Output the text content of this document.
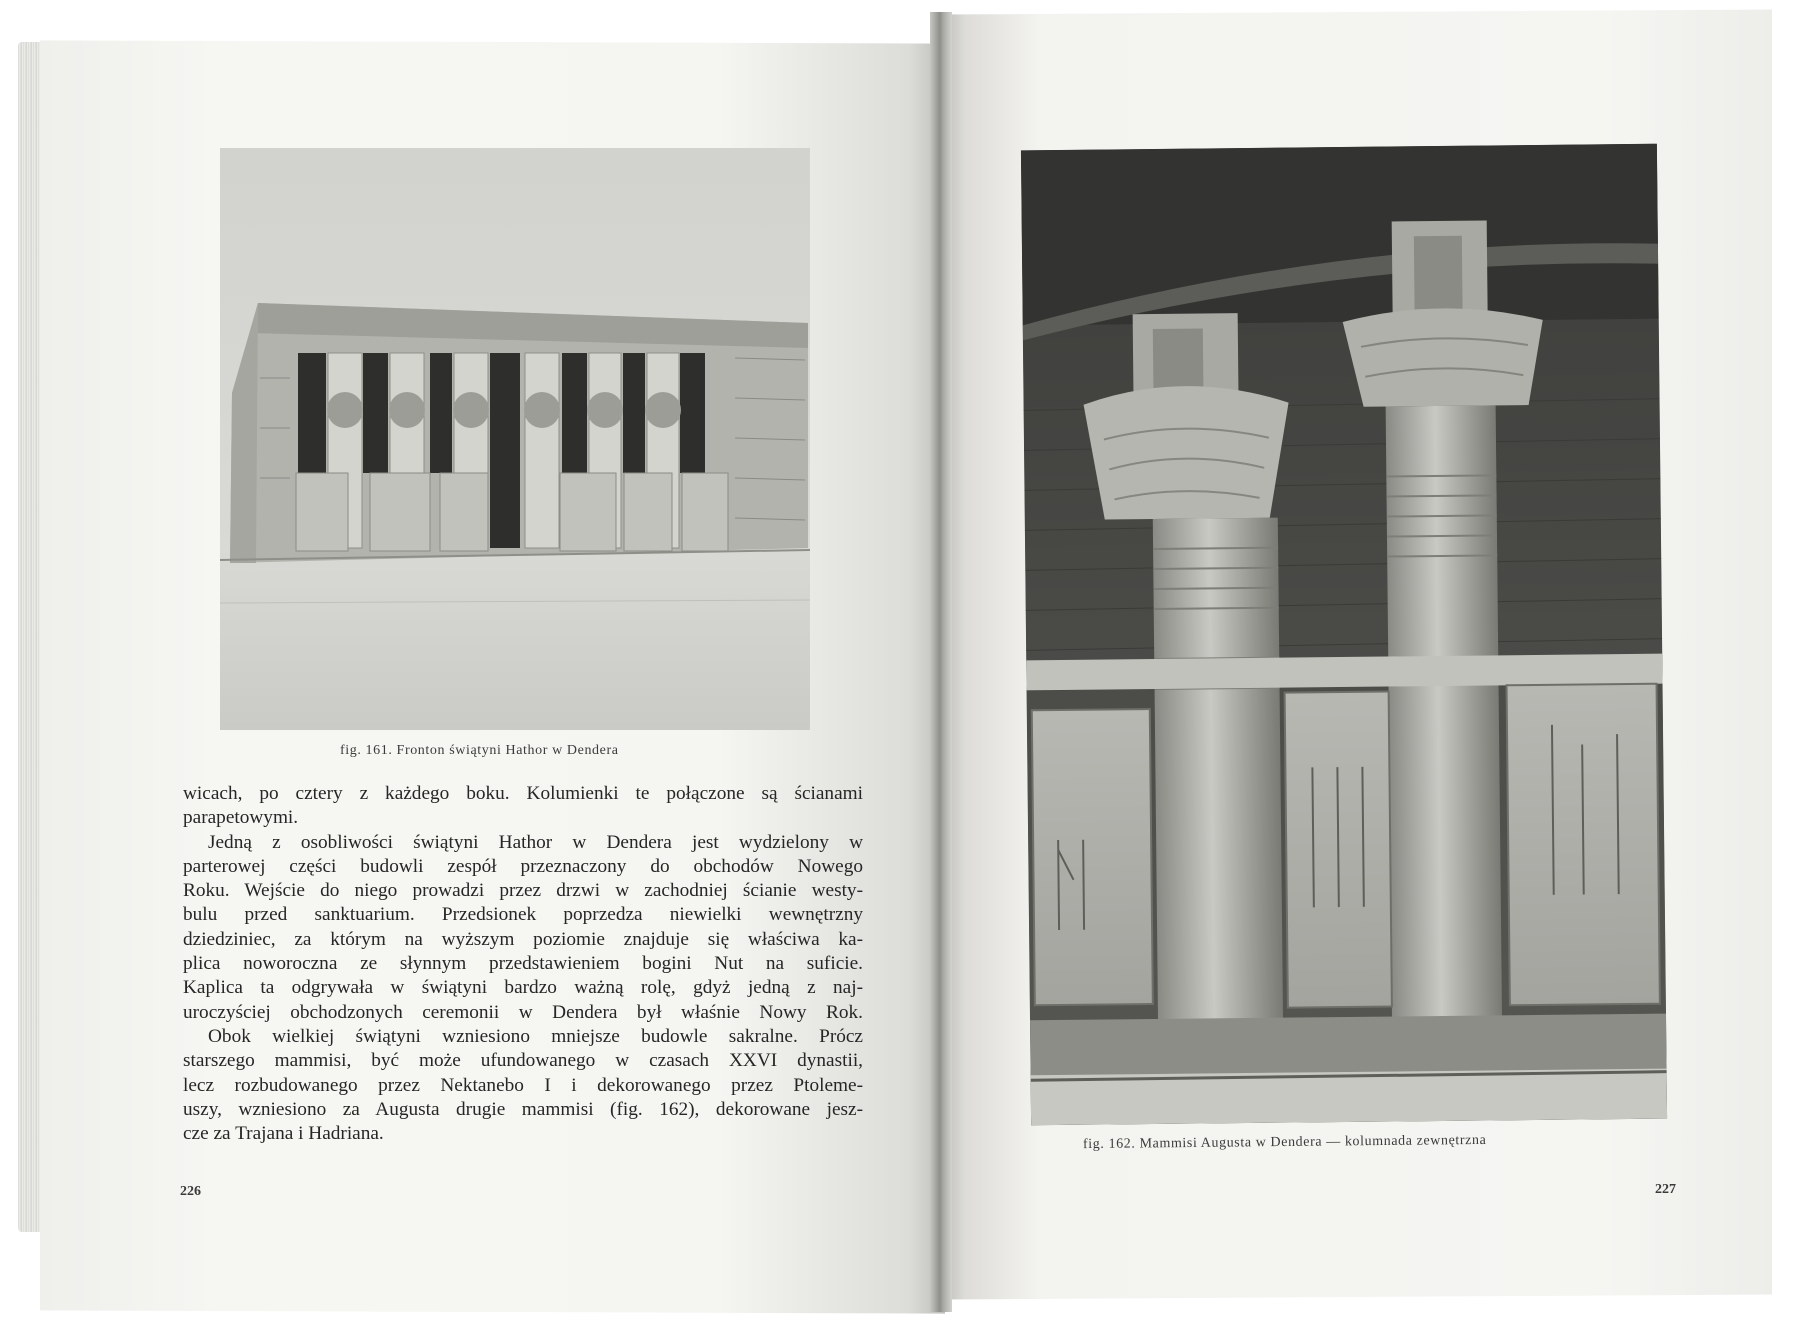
fig. 161. Fronton świątyni Hathor w Dendera
wicach, po cztery z każdego boku. Kolumienki te połączone są ścianami
parapetowymi.
Jedną z osobliwości świątyni Hathor w Dendera jest wydzielony w
parterowej części budowli zespół przeznaczony do obchodów Nowego
Roku. Wejście do niego prowadzi przez drzwi w zachodniej ścianie westy-
bulu przed sanktuarium. Przedsionek poprzedza niewielki wewnętrzny
dziedziniec, za którym na wyższym poziomie znajduje się właściwa ka-
plica noworoczna ze słynnym przedstawieniem bogini Nut na suficie.
Kaplica ta odgrywała w świątyni bardzo ważną rolę, gdyż jedną z naj-
uroczyściej obchodzonych ceremonii w Dendera był właśnie Nowy Rok.
Obok wielkiej świątyni wzniesiono mniejsze budowle sakralne. Prócz
starszego mammisi, być może ufundowanego w czasach XXVI dynastii,
lecz rozbudowanego przez Nektanebo I i dekorowanego przez Ptoleme-
uszy, wzniesiono za Augusta drugie mammisi (fig. 162), dekorowane jesz-
cze za Trajana i Hadriana.
226
fig. 162. Mammisi Augusta w Dendera — kolumnada zewnętrzna
227
